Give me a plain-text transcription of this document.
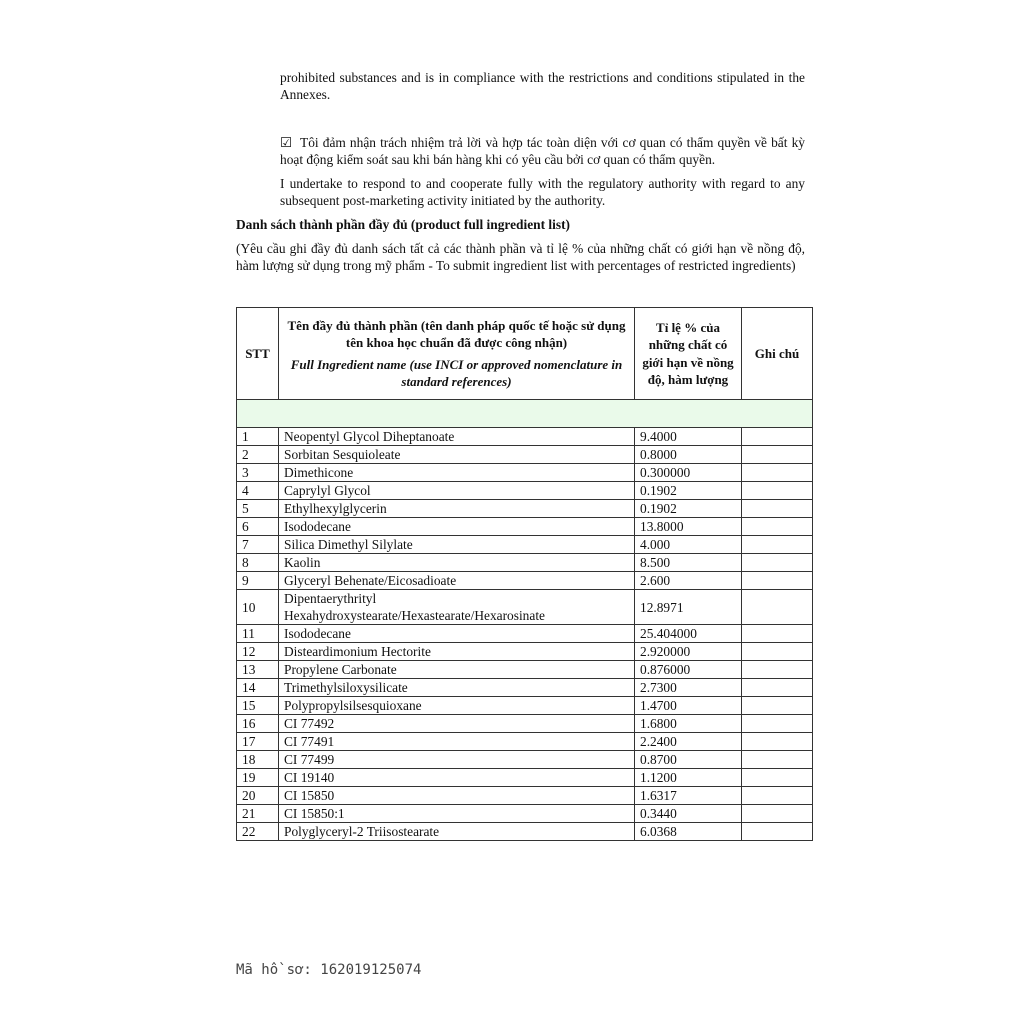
prohibited substances and is in compliance with the restrictions and conditions stipulated in the Annexes.
☑ Tôi đảm nhận trách nhiệm trả lời và hợp tác toàn diện với cơ quan có thẩm quyền về bất kỳ hoạt động kiểm soát sau khi bán hàng khi có yêu cầu bởi cơ quan có thẩm quyền.
I undertake to respond to and cooperate fully with the regulatory authority with regard to any subsequent post-marketing activity initiated by the authority.
Danh sách thành phần đầy đủ (product full ingredient list)
(Yêu cầu ghi đầy đủ danh sách tất cả các thành phần và tỉ lệ % của những chất có giới hạn về nồng độ, hàm lượng sử dụng trong mỹ phẩm - To submit ingredient list with percentages of restricted ingredients)
STT	Tên đầy đủ thành phần (tên danh pháp quốc tế hoặc sử dụng tên khoa học chuẩn đã được công nhận)
Full Ingredient name (use INCI or approved nomenclature in standard references)	Tỉ lệ % của những chất có giới hạn về nồng độ, hàm lượng	Ghi chú

1	Neopentyl Glycol Diheptanoate	9.4000	
2	Sorbitan Sesquioleate	0.8000	
3	Dimethicone	0.300000	
4	Caprylyl Glycol	0.1902	
5	Ethylhexylglycerin	0.1902	
6	Isododecane	13.8000	
7	Silica Dimethyl Silylate	4.000	
8	Kaolin	8.500	
9	Glyceryl Behenate/Eicosadioate	2.600	
10	Dipentaerythrityl Hexahydroxystearate/Hexastearate/Hexarosinate	12.8971	
11	Isododecane	25.404000	
12	Disteardimonium Hectorite	2.920000	
13	Propylene Carbonate	0.876000	
14	Trimethylsiloxysilicate	2.7300	
15	Polypropylsilsesquioxane	1.4700	
16	CI 77492	1.6800	
17	CI 77491	2.2400	
18	CI 77499	0.8700	
19	CI 19140	1.1200	
20	CI 15850	1.6317	
21	CI 15850:1	0.3440	
22	Polyglyceryl-2 Triisostearate	6.0368	
Mã hồ sơ: 162019125074
